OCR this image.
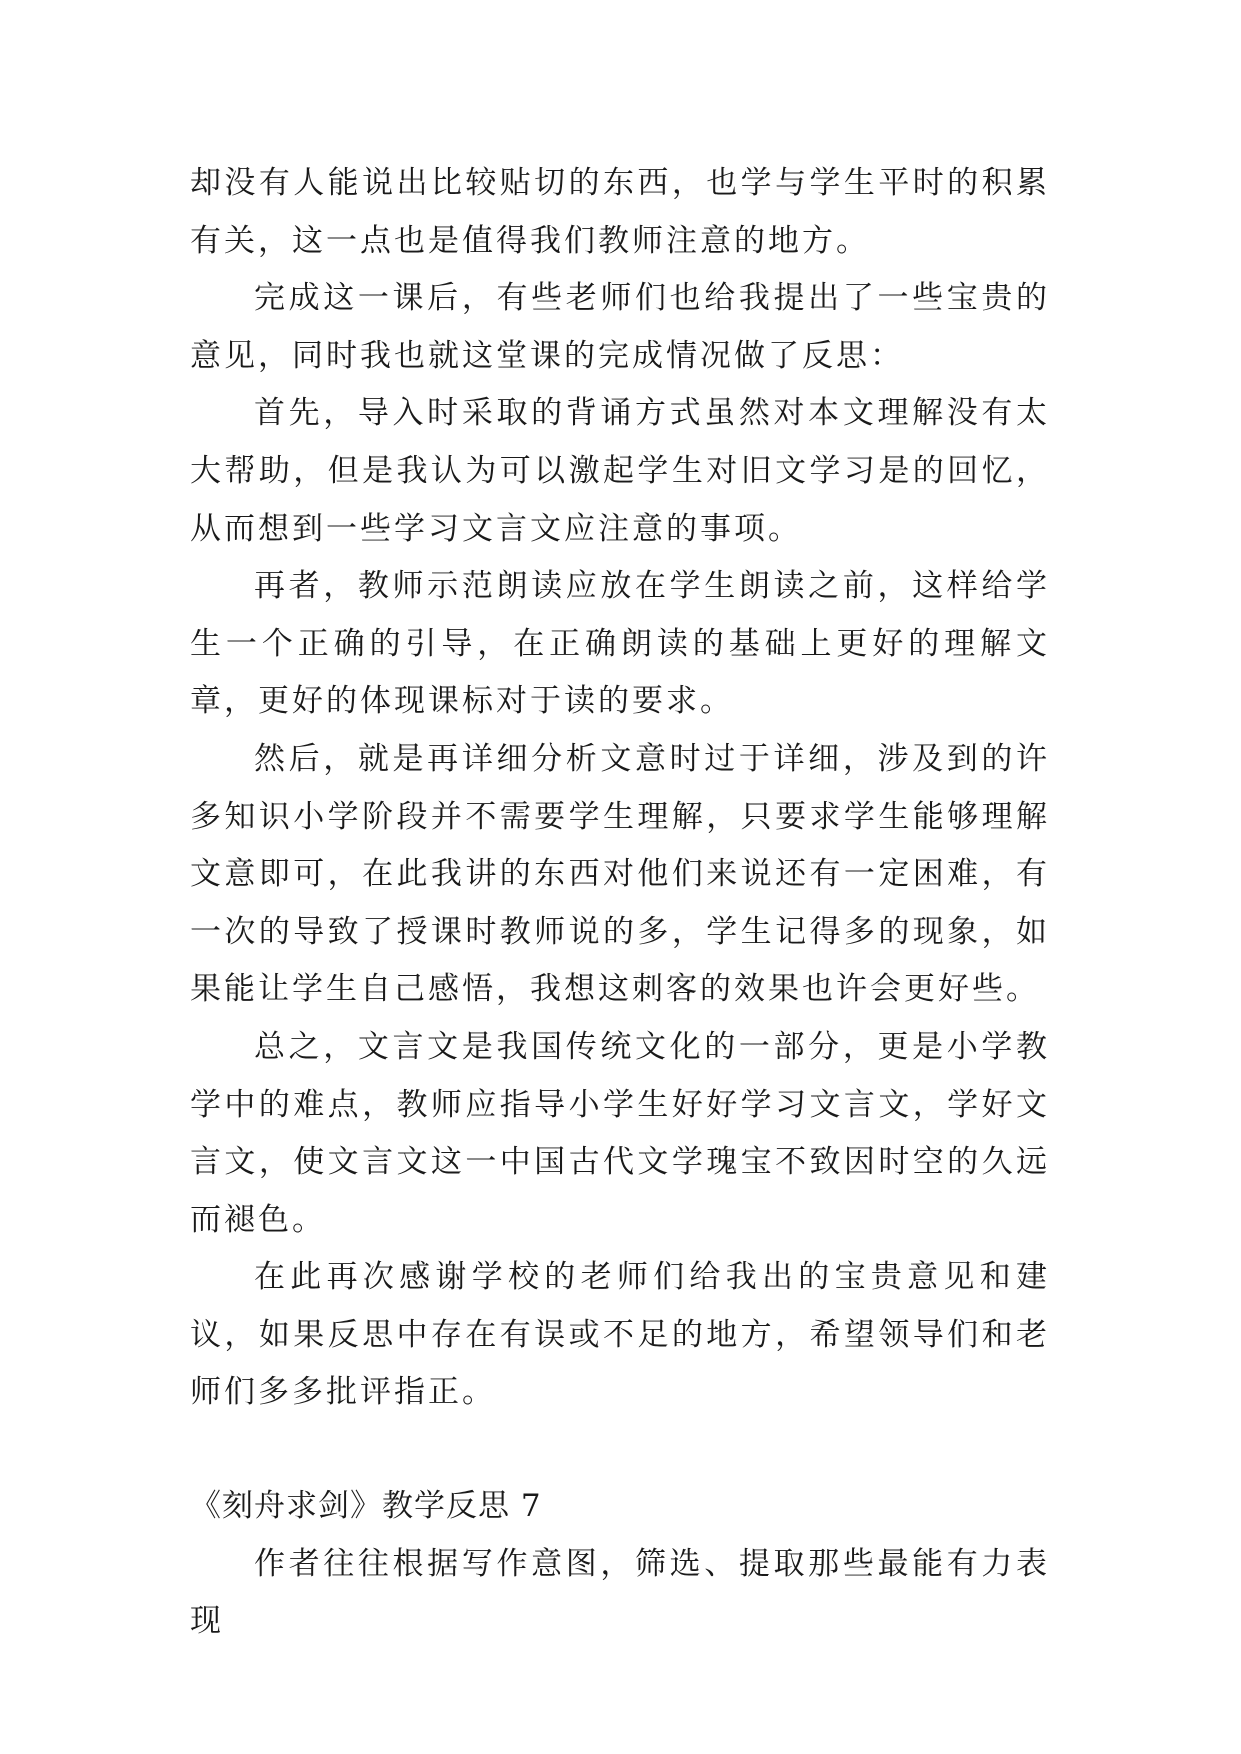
却没有人能说出比较贴切的东西，也学与学生平时的积累有关，这一点也是值得我们教师注意的地方。

完成这一课后，有些老师们也给我提出了一些宝贵的意见，同时我也就这堂课的完成情况做了反思：

首先，导入时采取的背诵方式虽然对本文理解没有太大帮助，但是我认为可以激起学生对旧文学习是的回忆，从而想到一些学习文言文应注意的事项。

再者，教师示范朗读应放在学生朗读之前，这样给学生一个正确的引导，在正确朗读的基础上更好的理解文章，更好的体现课标对于读的要求。

然后，就是再详细分析文意时过于详细，涉及到的许多知识小学阶段并不需要学生理解，只要求学生能够理解文意即可，在此我讲的东西对他们来说还有一定困难，有一次的导致了授课时教师说的多，学生记得多的现象，如果能让学生自己感悟，我想这刺客的效果也许会更好些。

总之，文言文是我国传统文化的一部分，更是小学教学中的难点，教师应指导小学生好好学习文言文，学好文言文，使文言文这一中国古代文学瑰宝不致因时空的久远而褪色。

在此再次感谢学校的老师们给我出的宝贵意见和建议，如果反思中存在有误或不足的地方，希望领导们和老师们多多批评指正。

《刻舟求剑》教学反思 7

作者往往根据写作意图，筛选、提取那些最能有力表现
